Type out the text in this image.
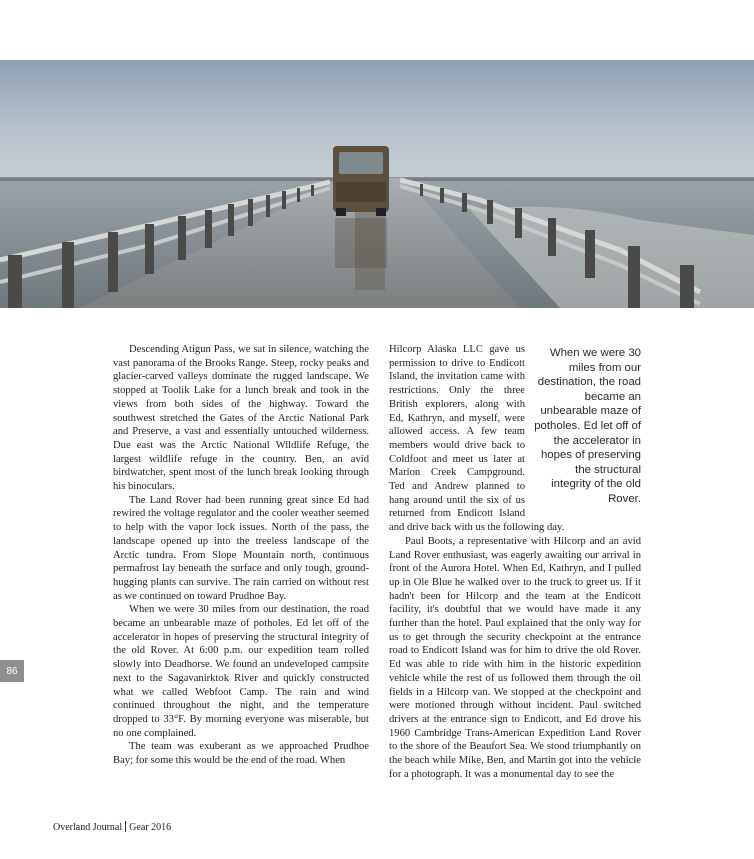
Descending Atigun Pass, we sat in silence, watching the vast panorama of the Brooks Range. Steep, rocky peaks and glacier-carved valleys dominate the rugged landscape. We stopped at Toolik Lake for a lunch break and took in the views from both sides of the highway. Toward the southwest stretched the Gates of the Arctic National Park and Preserve, a vast and essentially untouched wilderness. Due east was the Arctic National Wildlife Refuge, the largest wildlife refuge in the country. Ben, an avid birdwatcher, spent most of the lunch break looking through his binoculars.

The Land Rover had been running great since Ed had rewired the voltage regulator and the cooler weather seemed to help with the vapor lock issues. North of the pass, the landscape opened up into the treeless landscape of the Arctic tundra. From Slope Mountain north, continuous permafrost lay beneath the surface and only tough, ground-hugging plants can survive. The rain carried on without rest as we continued on toward Prudhoe Bay.

When we were 30 miles from our destination, the road became an unbearable maze of potholes. Ed let off of the accelerator in hopes of preserving the structural integrity of the old Rover. At 6:00 p.m. our expedition team rolled slowly into Deadhorse. We found an undeveloped campsite next to the Sagavanirktok River and quickly constructed what we called Webfoot Camp. The rain and wind continued throughout the night, and the temperature dropped to 33°F. By morning everyone was miserable, but no one complained.

The team was exuberant as we approached Prudhoe Bay; for some this would be the end of the road. When

When we were 30 miles from our destination, the road became an unbearable maze of potholes. Ed let off of the accelerator in hopes of preserving the structural integrity of the old Rover.

Hilcorp Alaska LLC gave us permission to drive to Endicott Island, the invitation came with restrictions. Only the three British explorers, along with Ed, Kathryn, and myself, were allowed access. A few team members would drive back to Coldfoot and meet us later at Marion Creek Campground. Ted and Andrew planned to hang around until the six of us returned from Endicott Island and drive back with us the following day.

Paul Boots, a representative with Hilcorp and an avid Land Rover enthusiast, was eagerly awaiting our arrival in front of the Aurora Hotel. When Ed, Kathryn, and I pulled up in Ole Blue he walked over to the truck to greet us. If it hadn't been for Hilcorp and the team at the Endicott facility, it's doubtful that we would have made it any further than the hotel. Paul explained that the only way for us to get through the security checkpoint at the entrance road to Endicott Island was for him to drive the old Rover. Ed was able to ride with him in the historic expedition vehicle while the rest of us followed them through the oil fields in a Hilcorp van. We stopped at the checkpoint and were motioned through without incident. Paul switched drivers at the entrance sign to Endicott, and Ed drove his 1960 Cambridge Trans-American Expedition Land Rover to the shore of the Beaufort Sea. We stood triumphantly on the beach while Mike, Ben, and Martin got into the vehicle for a photograph. It was a monumental day to see the

86
Overland Journal Gear 2016
